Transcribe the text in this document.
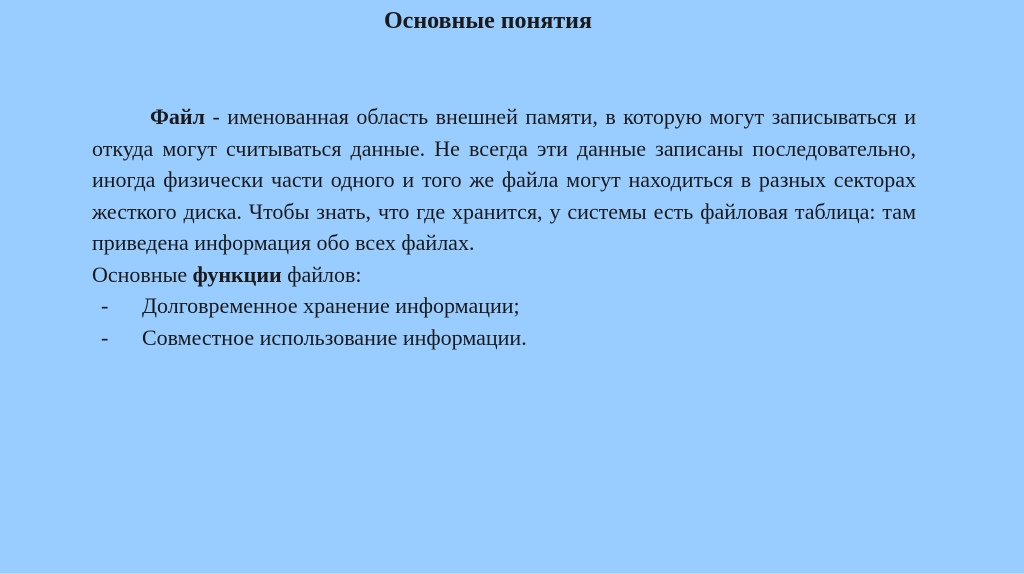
Основные понятия

Файл - именованная область внешней памяти, в которую могут записываться и откуда могут считываться данные. Не всегда эти данные записаны последовательно, иногда физически части одного и того же файла могут находиться в разных секторах жесткого диска. Чтобы знать, что где хранится, у системы есть файловая таблица: там приведена информация обо всех файлах.

Основные функции файлов:

- Долговременное хранение информации;
- Совместное использование информации.
